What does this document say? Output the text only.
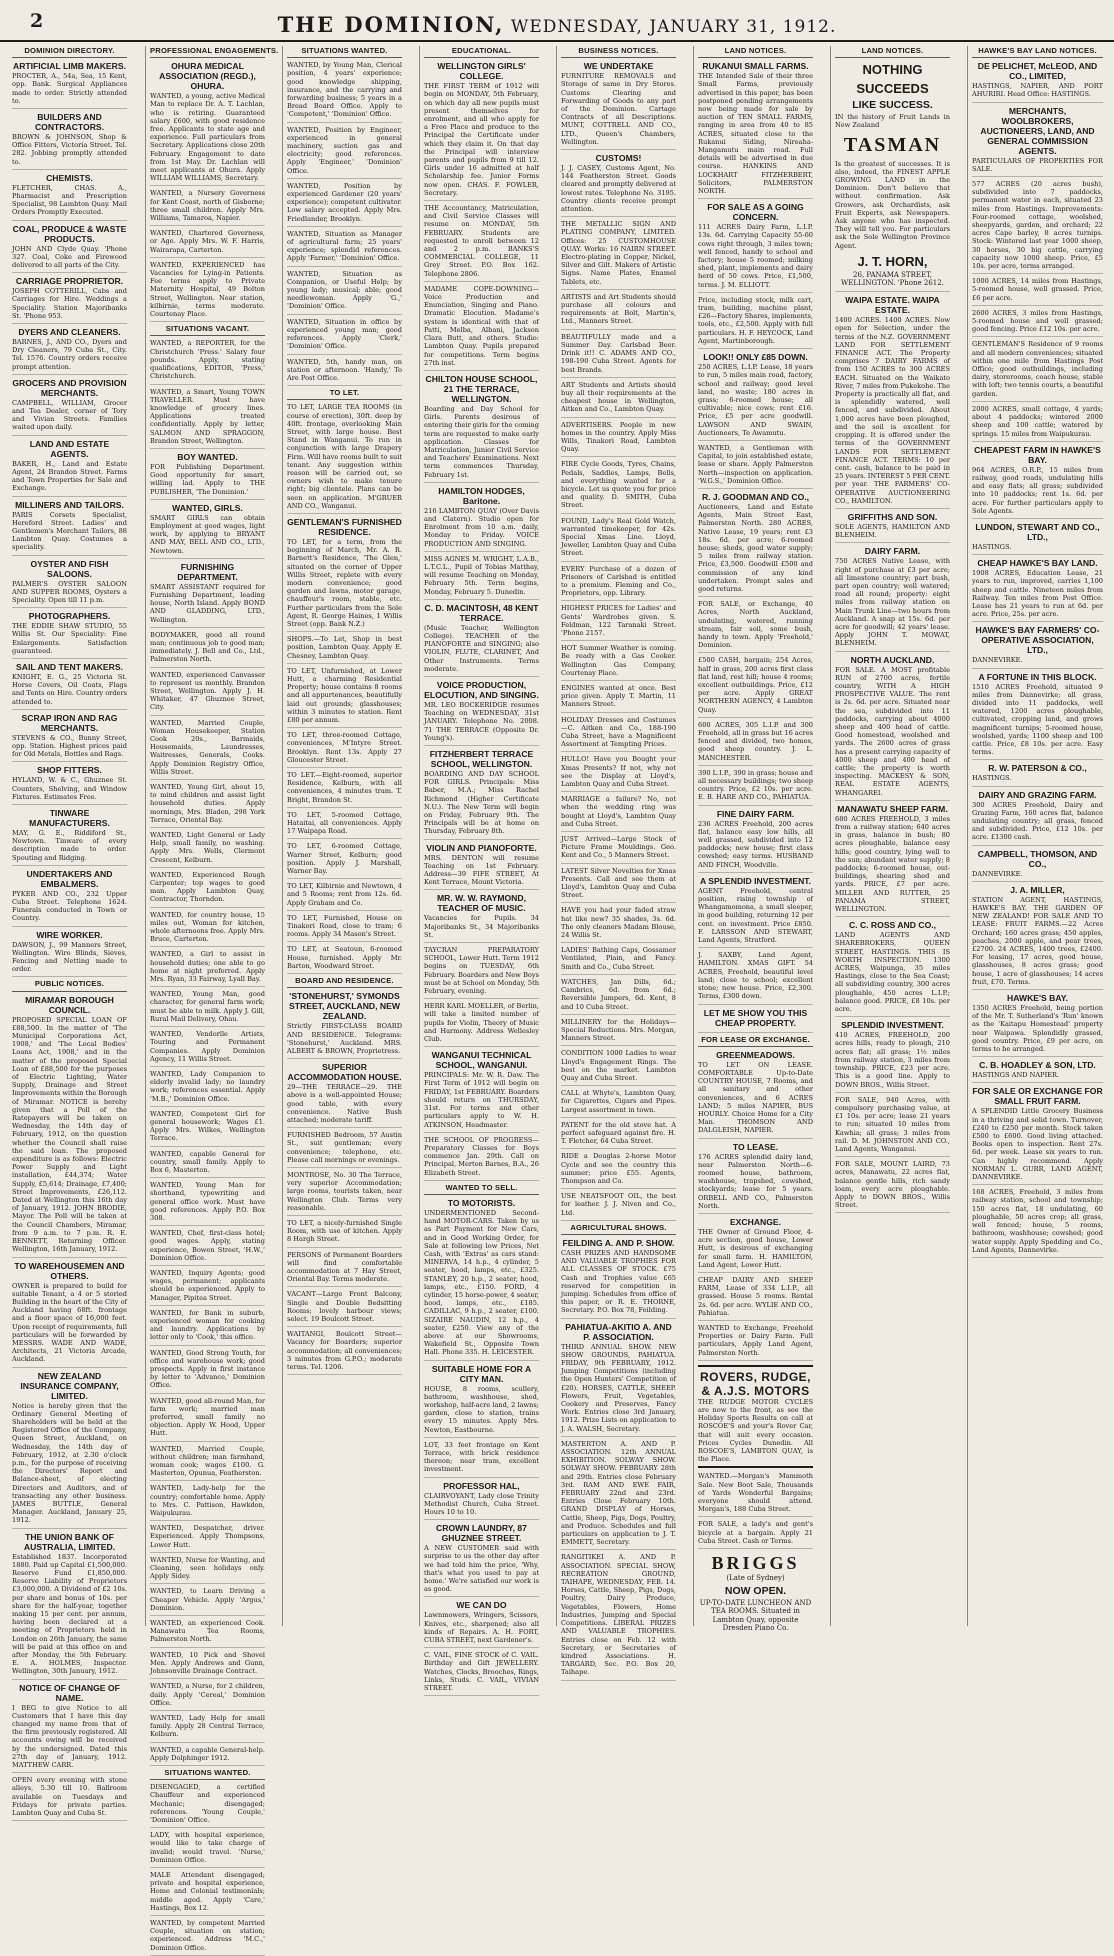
2	THE DOMINION, WEDNESDAY, JANUARY 31, 1912.
DOMINION DIRECTORY.
ARTIFICIAL LIMB MAKERS.
PROCTER, A., 54a, Sea, 15 Kent, opp. Bank. Surgical Appliances made to order. Strictly attended to.
BUILDERS AND CONTRACTORS.
BROWN & JOHNSON, Shop & Office Fitters, Victoria Street. Tel. 282. Jobbing promptly attended to.
CHEMISTS.
FLETCHER, CHAS. A., Pharmacist and Prescription Specialist, 98 Lambton Quay. Mail Orders Promptly Executed.
COAL, PRODUCE & WASTE PRODUCTS.
JOHN AND Clyde Quay. 'Phone 327. Coal, Coke and Firewood delivered to all parts of the City.
CARRIAGE PROPRIETOR.
JOSEPH COTTERILL, Cabs and Carriages for Hire. Weddings a Speciality. Station Majoribanks St. 'Phone 953.
DYERS AND CLEANERS.
BARNES, J., AND CO., Dyers and Dry Cleaners, 79 Cuba St., City. Tel. 1576. Country orders receive prompt attention.
GROCERS AND PROVISION MERCHANTS.
CAMPBELL, WILLIAM, Grocer and Tea Dealer, corner of Tory and Vivian Streets. Families waited upon daily.
LAND AND ESTATE AGENTS.
BAKER, H., Land and Estate Agent, 24 Brandon Street. Farms and Town Properties for Sale and Exchange.
MILLINERS AND TAILORS.
PARIS Corsets Specialist, Hereford Street. Ladies' and Gentlemen's Merchant Tailors, 88 Lambton Quay. Costumes a speciality.
OYSTER AND FISH SALOONS.
PALMER'S OYSTER SALOON AND SUPPER ROOMS, Oysters a Speciality. Open till 11 p.m.
PHOTOGRAPHERS.
THE EDDIE SHAW STUDIO, 55 Willis St. Our Speciality: Fine Enlargements. Satisfaction guaranteed.
SAIL AND TENT MAKERS.
KNIGHT, E. G., 25 Victoria St. Horse Covers, Oil Coats, Flags and Tents on Hire. Country orders attended to.
SCRAP IRON AND RAG MERCHANTS.
STEVENS & CO., Bunny Street, opp. Station. Highest prices paid for Old Metals, Bottles and Rags.
SHOP FITTERS.
HYLAND, W. & C., Ghuznee St. Counters, Shelving, and Window Fixtures. Estimates Free.
TINWARE MANUFACTURERS.
MAY, G. E., Riddiford St., Newtown. Tinware of every description made to order. Spouting and Ridging.
UNDERTAKERS AND EMBALMERS.
PYKER AND CO., 232 Upper Cuba Street. Telephone 1624. Funerals conducted in Town or Country.
WIRE WORKER.
DAWSON, J., 99 Manners Street, Wellington. Wire Blinds, Sieves, Fencing and Netting made to order.
PUBLIC NOTICES.
MIRAMAR BOROUGH COUNCIL.
PROPOSED SPECIAL LOAN OF £88,500. In the matter of 'The Municipal Corporations Act, 1908,' and 'The Local Bodies' Loans Act, 1908,' and in the matter of the proposed Special Loan of £88,500 for the purposes of Electric Lighting, Water Supply, Drainage and Street Improvements within the Borough of Miramar. NOTICE is hereby given that a Poll of the Ratepayers will be taken on Wednesday, the 14th day of February, 1912, on the question whether the Council shall raise the said loan. The proposed expenditure is as follows: Electric Power Supply and Light installation, £44,374; Water Supply, £5,614; Drainage, £7,400; Street Improvements, £26,112. Dated at Wellington this 16th day of January, 1912. JOHN BRODIE, Mayor. The Poll will be taken at the Council Chambers, Miramar, from 9 a.m. to 7 p.m. R. E. BENNETT, Returning Officer. Wellington, 16th January, 1912.
TO WAREHOUSEMEN AND OTHERS.
OWNER is prepared to build for suitable Tenant, a 4 or 5 storied Building in the heart of the City of Auckland having 68ft. frontage and a floor space of 16,000 feet. Upon receipt of requirements, full particulars will be forwarded by MESSRS. WADE AND WADE, Architects, 21 Victoria Arcade, Auckland.
NEW ZEALAND INSURANCE COMPANY, LIMITED.
Notice is hereby given that the Ordinary General Meeting of Shareholders will be held at the Registered Office of the Company, Queen Street, Auckland, on Wednesday, the 14th day of February, 1912, at 2.30 o'clock p.m., for the purpose of receiving the Directors' Report and Balance-sheet, of electing Directors and Auditors, and of transacting any other business. JAMES BUTTLE, General Manager. Auckland, January 25, 1912.
THE UNION BANK OF AUSTRALIA, LIMITED.
Established 1837. Incorporated 1880. Paid up Capital £1,500,000. Reserve Fund £1,850,000. Reserve Liability of Proprietors £3,000,000. A Dividend of £2 10s. per share and bonus of 10s. per share for the half-year, together making 15 per cent. per annum, having been declared at a meeting of Proprietors held in London on 26th January, the same will be paid at this office on and after Monday, the 5th February. E. A. HOLMES, Inspector. Wellington, 30th January, 1912.
NOTICE OF CHANGE OF NAME.
I BEG to give Notice to all Customers that I have this day changed my name from that of the firm previously registered. All accounts owing will be received by the undersigned. Dated this 27th day of January, 1912. MATTHEW CARR.
OPEN every evening with stone alleys, 5.30 till 10. Ballroom available on Tuesdays and Fridays for private parties. Lambton Quay and Cuba St.
PROFESSIONAL ENGAGEMENTS.
OHURA MEDICAL ASSOCIATION (REGD.), OHURA.
WANTED, a young, active Medical Man to replace Dr. A. T. Lachlan, who is retiring. Guaranteed salary £600, with good residence free. Applicants to state age and experience. Full particulars from Secretary. Applications close 20th February. Engagement to date from 1st May. Dr. Lachlan will meet applicants at Ohura. Apply WILLIAM WILLIAMS, Secretary.
WANTED, a Nursery Governess for Kent Coast, north of Gisborne; three small children. Apply Mrs. Williams, Tamaroa, Napier.
WANTED, Chartered Governess, or Age. Apply Mrs. W. F. Harris, Wairarapa, Carterton.
WANTED, EXPERIENCED has Vacancies for Lying-in Patients. Fee terms apply to Private Maternity Hospital, 49 Bolton Street, Wellington. Near station, kilbirnie, terms moderate. Courtenay Place.
SITUATIONS VACANT.
WANTED, a REPORTER, for the Christchurch 'Press.' Salary four pounds. Apply, stating qualifications, EDITOR, 'Press,' Christchurch.
WANTED, a Smart, Young TOWN TRAVELLER. Must have knowledge of grocery lines. Applications treated confidentially. Apply by letter, SALMON AND SPRAGGON, Brandon Street, Wellington.
BOY WANTED.
FOR Publishing Department. Good opportunity for smart, willing lad. Apply to THE PUBLISHER, 'The Dominion.'
WANTED, GIRLS.
SMART GIRLS can obtain Employment at good wages, light work, by applying to BRYANT AND MAY, BELL AND CO., LTD., Newtown.
FURNISHING DEPARTMENT.
SMART ASSISTANT required for Furnishing Department, leading house, North Island. Apply BOND AND GLADDING, LTD., Wellington.
BODYMAKER, good all round man; continuous job to good man; immediately. J. Bell and Co., Ltd., Palmerston North.
WANTED, experienced Canvasser to represent us monthly. Brandon Street, Wellington. Apply J. H. Whitaker, 47 Ghuznee Street, City.
WANTED, Married Couple, Woman Housekeeper, Station Cook 20s., Barmaids, Housemaids, Laundresses, Waitresses, Generals, Cooks. Apply Dominion Registry Office, Willis Street.
WANTED, Young Girl, about 15, to mind children and assist light household duties. Apply mornings, Mrs. Bladen, 298 York Terrace, Oriental Bay.
WANTED, Light General or Lady Help, small family, no washing. Apply Mrs. Wells, Clermont Crescent, Kelburn.
WANTED, Experienced Rough Carpenter; top wages to good man. Apply Lambton Quay, Contractor, Thorndon.
WANTED, for country house, 15 miles out, Woman for kitchen, whole afternoons free. Apply Mrs. Bruce, Carterton.
WANTED, a Girl to assist in household duties; one able to go home at night preferred. Apply Mrs. Ryan, 33 Fairway, Lyall Bay.
WANTED, Young Man, good character, for general farm work; must be able to milk. Apply J. Gill, Rural Mail Delivery, Ohau.
WANTED, Vendorlle Artists, Touring and Permanent Companies. Apply Dominion Agency, 11 Willis Street.
WANTED, Lady Companion to elderly invalid lady; no laundry work; references essential. Apply 'M.B.,' Dominion Office.
WANTED, Competent Girl for general housework; Wages £1. Apply Mrs. Wilkes, Wellington Terrace.
WANTED, capable General for country, small family. Apply to Box 6, Masterton.
WANTED, Young Man for shorthand, typewriting and general office work. Must have good references. Apply P.O. Box 308.
WANTED, Chef, first-class hotel; good wages. Apply, stating experience, Bowen Street, 'H.W.,' Dominion Office.
WANTED, Inquiry Agents; good wages, permanent; applicants should be experienced. Apply to Manager, Pipitea Street.
WANTED, for Bank in suburb, experienced woman for cooking and laundry. Applications by letter only to 'Cook,' this office.
WANTED, Good Strong Youth, for office and warehouse work; good prospects. Apply in first instance by letter to 'Advance,' Dominion Office.
WANTED, good all-round Man, for farm work; married man preferred, small family no objection. Apply W. Hood, Upper Hutt.
WANTED, Married Couple, without children; man farmhand, woman cook; wages £100. G. Masterton, Opunua, Featherston.
WANTED, Lady-help for the country; comfortable home. Apply to Mrs. C. Pattison, Hawkdon, Waipukurau.
WANTED, Despatcher, driver. Experienced. Apply Thompsons, Lower Hutt.
WANTED, Nurse for Wanting, and Cleaning, seen holidays only. Apply Sidey.
WANTED, to Learn Driving a Cheaper Vehicle. Apply 'Argus,' Dominion.
WANTED, an experienced Cook. Manawatu Tea Rooms, Palmerston North.
WANTED, 10 Pick and Shovel Men. Apply Andrews and Gunn, Johnsonville Drainage Contract.
WANTED, a Nurse, for 2 children, daily. Apply 'Cereal,' Dominion Office.
WANTED, Lady Help for small family. Apply 28 Central Terrace, Kelburn.
WANTED, a capable General-help. Apply Dolphinger 1912.
SITUATIONS WANTED.
DISENGAGED, a certified Chauffeur and experienced Mechanic; disengaged; references. 'Young Couple,' 'Dominion' Office.
LADY, with hospital experience, would like to take charge of invalid; would travel. 'Nurse,' Dominion Office.
MALE Attendant disengaged; private and hospital experience, Home and Colonial testimonials; middle aged. Apply 'Care,' Hastings, Box 12.
WANTED, by competent Married Couple, situation on station; experienced. Address 'M.C.,' Dominion Office.
SITUATIONS WANTED.
WANTED, by Young Man, Clerical position, 4 years' experience; good knowledge shipping, insurance, and the carrying and forwarding business; 5 years in a Bread Board Office. Apply to 'Competent,' 'Dominion' Office.
WANTED, Position by Engineer, experienced in general machinery, suction gas and electricity; good references. Apply 'Engineer,' 'Dominion' Office.
WANTED, Position by experienced Gardener (20 years' experience); competent cultivator. Low salary accepted. Apply Mrs. Friedlander, Brooklyn.
WANTED, Situation as Manager of agricultural farm; 25 years' experience; splendid references. Apply 'Farmer,' 'Dominion' Office.
WANTED, Situation as Companion, or Useful Help; by young lady; musical; able; good needlewoman. Apply 'G.,' 'Dominion' Office.
WANTED, Situation in office by experienced young man; good references. Apply 'Clerk,' 'Dominion' Office.
WANTED, 5th, handy man, on station or afternoon. 'Handy,' To Are Post Office.
TO LET.
TO LET, LARGE TEA ROOMS (in course of erection), 30ft. deep by 40ft. frontage, overlooking Main Street, with large house. Best Stand in Wanganui. To run in conjunction with large Drapery Firm. Will have rooms built to suit tenant. Any suggestion within reason will be carried out, so owners wish to make tenure right; big clientele. Plans can be seen on application. M'GRUER AND CO., Wanganui.
GENTLEMAN'S FURNISHED RESIDENCE.
TO LET, for a term, from the beginning of March, Mr. A. R. Barnett's Residence, 'The Glen,' situated on the corner of Upper Willis Street, replete with every modern convenience; good garden and lawns, motor garage, chauffeur's room, stable, etc. Further particulars from the Sole Agent, R. George Haines, 1 Willis Street (opp. Bank N.Z.)
SHOPS.—To Let, Shop in best position, Lambton Quay. Apply E. Chesney, Lambton Quay.
TO LET, Unfurnished, at Lower Hutt, a charming Residential Property; house contains 8 rooms and all appurtenances, beautifully laid out grounds; glasshouses; within 3 minutes to station. Rent £80 per annum.
TO LET, three-roomed Cottage, conveniences, M'Intyre Street. Brooklyn. Rent 13s. Apply 27 Gloucester Street.
TO LET.—Eight-roomed, superior Residence, Kelburn, with all conveniences, 4 minutes tram. T. Bright, Brandon St.
TO LET, 5-roomed Cottage, Hataitai, all conveniences. Apply 17 Waipapa Road.
TO LET, 6-roomed Cottage, Warner Street, Kelburn; good position. Apply J. Marshall, Warner Bay.
TO LET, Kilbirnie and Newtown, 4 and 5 Rooms; rent from 12s. 6d. Apply Graham and Co.
TO LET, Furnished, House on Tinakori Road, close to tram; 6 rooms. Apply 34 Mason's Street.
TO LET, at Seatoun, 6-roomed House, furnished. Apply Mr. Barton, Woodward Street.
BOARD AND RESIDENCE.
'STONEHURST,' SYMONDS STREET, AUCKLAND, NEW ZEALAND.
Strictly FIRST-CLASS BOARD AND RESIDENCE. Telegrams: 'Stonehurst,' Auckland. MRS. ALBERT & BROWN, Proprietress.
SUPERIOR ACCOMMODATION HOUSE.
29—THE TERRACE—29. THE above is a well-appointed House; good table, with every convenience. Native Bush attached; moderate tariff.
FURNISHED Bedroom, 57 Austin St., suit gentleman; every convenience; telephone, etc. Please call mornings or evenings.
MONTROSE, No. 30 The Terrace, very superior Accommodation; large rooms, tourists taken, near Wellington Club. Terms very reasonable.
TO LET, a nicely-furnished Single Room, with use of kitchen. Apply 8 Hargh Street.
PERSONS of Permanent Boarders will find comfortable accommodation at 7 Hay Street, Oriental Bay. Terms moderate.
VACANT—Large Front Balcony, Single and Double Bedsitting Rooms; lovely harbour views; select. 19 Boulcott Street.
WAITANGI, Boulcott Street—Vacancy for Boarders; superior accommodation; all conveniences; 3 minutes from G.P.O.; moderate terms. Tel. 1206.
EDUCATIONAL.
WELLINGTON GIRLS' COLLEGE.
THE FIRST TERM of 1912 will begin on MONDAY, 5th February, on which day all new pupils must present themselves for enrolment, and all who apply for a Free Place and produce to the Principal the Certificate under which they claim it. On that day the Principal will interview parents and pupils from 9 till 12. Girls under 16 admitted at half Scholarship fee. Junior Forms now open. CHAS. F. FOWLER, Secretary.
THE Accountancy, Matriculation, and Civil Service Classes will resume on MONDAY, 5th FEBRUARY. Students are requested to enroll between 12 and 2 p.m. BANKS'S COMMERCIAL COLLEGE, 11 Grey Street. P.O. Box 162. Telephone 2806.
MADAME COPE-DOWNING—Voice Production and Enunciation, Singing and Piano. Dramatic Elocution. Madame's system is identical with that of Patti, Melba, Albani, Jackson Clara Butt, and others. Studio: Lambton Quay. Pupils prepared for competitions. Term begins 27th inst.
CHILTON HOUSE SCHOOL, 21 THE TERRACE, WELLINGTON.
Boarding and Day School for Girls. Parents desirous of entering their girls for the coming term are requested to make early application. Classes for Matriculation, Junior Civil Service and Teachers' Examinations. Next term commences Thursday, February 1st.
HAMILTON HODGES, Baritone.
216 LAMBTON QUAY (Over Davis and Clatern). Studio open for Enrolment from 10 a.m. daily, Monday to Friday. VOICE PRODUCTION AND SINGING.
MISS AGNES M. WRIGHT, L.A.B., L.T.C.L., Pupil of Tobias Matthay, will resume Teaching on Monday, February 5th. Term begins, Monday, February 5. Dunedin.
C. D. MACINTOSH, 48 KENT TERRACE.
(Music Teacher, Wellington College). TEACHER of the PIANOFORTE and SINGING; also VIOLIN, FLUTE, CLARINET, And Other Instruments. Terms moderate.
VOICE PRODUCTION, ELOCUTION, AND SINGING.
MR. LEO BOCKERIDGE resumes Teaching on WEDNESDAY, 31st JANUARY. Telephone No. 2008. 71 THE TERRACE (Opposite Dr. Young's).
FITZHERBERT TERRACE SCHOOL, WELLINGTON.
BOARDING AND DAY SCHOOL FOR GIRLS. Principals: Miss Baber, M.A.; Miss Rachel Richmond (Higher Certificate N.U.). The New Term will begin on Friday, February 9th. The Principals will be at home on Thursday, February 8th.
VIOLIN AND PIANOFORTE.
MRS. DENTON will resume Teaching on 1st February. Address—39 FIFE STREET, At Kent Terrace, Mount Victoria.
MR. W. W. RAYMOND, TEACHER OF MUSIC.
Vacancies for Pupils. 34 Majoribanks St., 34 Majoribanks St.
TAYCRAN PREPARATORY SCHOOL, Lower Hutt. Term 1912 begins on TUESDAY, 6th February. Boarders and New Boys must be at School on Monday, 5th February, evening.
HERR KARL MOELLER, of Berlin, will take a limited number of pupils for Violin, Theory of Music and Harmony. Address Wellesley Club.
WANGANUI TECHNICAL SCHOOL, WANGANUI.
PRINCIPALS: Mr. W. R. Daw. The First Term of 1912 will begin on FRIDAY, 1st FEBRUARY. Boarders should return on THURSDAY, 31st. For terms and other particulars apply to W. H. ATKINSON, Headmaster.
THE SCHOOL OF PROGRESS—Preparatory Classes for Boys commence Jan. 29th. Call on Principal, Merton Barnes, B.A., 26 Elizabeth Street.
WANTED TO SELL.
TO MOTORISTS.
UNDERMENTIONED Second-hand MOTOR-CARS. Taken by us as Part Payment for New Cars, and in Good Working Order, for Sale at following low Prices, Net Cash, with 'Extras' as cars stand: MINERVA, 14 h.p., 4 cylinder, 5 seater, hood, lamps, etc., £325. STANLEY, 20 h.p., 2 seater, hood, lamps, etc., £150. FORD, 4 cylinder, 15 horse-power, 4 seater, hood, lamps, etc., £185. CADILLAC, 9 h.p., 2 seater, £100. SIZAIRE NAUDIN, 12 h.p., 4 seater, £250. View any of the above at our Showrooms, Wakefield St., Opposite Town Hall. Phone 335. H. LEICESTER.
SUITABLE HOME FOR A CITY MAN.
HOUSE, 8 rooms, scullery, bathroom, washhouse, shed, workshop, half-acre land, 2 lawns; garden, close to station, trains every 15 minutes. Apply Mrs. Newton, Eastbourne.
LOT, 33 feet frontage on Kent Terrace, with brick residence thereon; near tram, excellent investment.
PROFESSOR HAL,
CLAIRVOYANT, Lady close Trinity Methodist Church, Cuba Street. Hours 10 to 10.
CROWN LAUNDRY, 87 GHUZNEE STREET.
A NEW CUSTOMER said with surprise to us the other day after we had told him the price, 'Why, that's what you used to pay at home.' We're satisfied our work is as good.
WE CAN DO
Lawnmowers, Wringers, Scissors, Knives, etc., sharpened; also all kinds of Repairs. A. H. FORT, CUBA STREET, next Gardener's.
C. VAIL, FINE STOCK of C. VAIL. Birthday and Gift JEWELLERY. Watches, Clocks, Brooches, Rings, Links, Studs. C. VAIL, VIVIAN STREET.
BUSINESS NOTICES.
WE UNDERTAKE
FURNITURE REMOVALS and Storage of same in Dry Stores. Customs Clearing and Forwarding of Goods to any part of the Dominion. Cartage Contracts of all Descriptions. MUNT, COTTRELL AND CO., LTD., Queen's Chambers, Wellington.
CUSTOMS!
J. J. CASEY, Customs Agent, No. 144 Featherston Street. Goods cleared and promptly delivered at lowest rates. Telephone No. 3195. Country clients receive prompt attention.
THE METALLIC SIGN AND PLATING COMPANY, LIMITED. Offices: 25 CUSTOMHOUSE QUAY. Works: 16 NAIRN STREET. Electro-plating in Copper, Nickel, Silver and Gilt. Makers of Artistic Signs. Name Plates, Enamel Tablets, etc.
ARTISTS and Art Students should purchase all colours and requirements at Bolt, Martin's, Ltd., Manners Street.
BEAUTIFULLY made and a Summer Day. Carlsbad Beer. Drink it!! C. ADAMS AND CO., 198-190 Cuba Street. Agents for best Brands.
ART Students and Artists should buy all their requirements at the cheapest house in Wellington, Aitken and Co., Lambton Quay.
ADVERTISERS. People in new homes in the country. Apply Miss Wills, Tinakori Road, Lambton Quay.
FIRE Cycle Goods, Tyres, Chains, Pedals, Saddles, Lamps, Bells, and everything wanted for a bicycle. Let us quote you for price and quality. D. SMITH, Cuba Street.
FOUND, Lady's Real Gold Watch, warranted timekeeper, for 42s. Special Xmas Line. Lloyd, Jeweller, Lambton Quay and Cuba Street.
EVERY Purchase of a dozen of Prisoners of Carlsbad is entitled to a premium. Fleming and Co., Proprietors, opp. Library.
HIGHEST PRICES for Ladies' and Gents' Wardrobes given. S. Feldman, 122 Taranaki Street. 'Phone 2157.
HOT Summer Weather is coming. Be ready with a Gas Cooker. Wellington Gas Company, Courtenay Place.
ENGINES wanted at once. Best price given. Apply T. Martin, 11 Manners Street.
HOLIDAY Dresses and Costumes—C. Aitken and Co., 188-190 Cuba Street, have a Magnificent Assortment at Tempting Prices.
HULLO! Have you Bought your Xmas Presents? If not, why not see the Display at Lloyd's, Lambton Quay and Cuba Street.
MARRIAGE a failure? No, not when the wedding ring was bought at Lloyd's, Lambton Quay and Cuba Street.
JUST Arrived—Large Stock of Picture Frame Mouldings. Geo. Kent and Co., 5 Manners Street.
LATEST Silver Novelties for Xmas Presents. Call and see them at Lloyd's, Lambton Quay and Cuba Street.
HAVE you had your faded straw hat like new? 35 shades, 3s. 6d. The only cleaners Madam Blouse, 24 Willis St.
LADIES' Bathing Caps, Gossamer Ventilated, Plain, and Fancy. Smith and Co., Cuba Street.
WATCHES, Jan Dills, 6d.; Cambrics, 6d. from 6d.; Reversible Jumpers, 6d. Kent, 8 and 10 Cuba Street.
MILLINERY for the Holidays—Special Reductions. Mrs. Morgan, Manners Street.
CONDITION 1000 Ladies to wear Lloyd's Engagement Rings. The best on the market. Lambton Quay and Cuba Street.
CALL at Whyte's, Lambton Quay, for Cigarettes, Cigars and Pipes. Largest assortment in town.
PATENT for the old stove hat. A perfect safeguard against fire. H. T. Fletcher, 64 Cuba Street.
RIDE a Douglas 2-horse Motor Cycle and see the country this summer; price £55. Agents, Thompson and Co.
USE NEATSFOOT OIL, the best for leather. J. J. Niven and Co., Ltd.
AGRICULTURAL SHOWS.
FEILDING A. AND P. SHOW.
CASH PRIZES AND HANDSOME AND VALUABLE TROPHIES FOR ALL CLASSES OF STOCK. £75 Cash and Trophies value £65 reserved for competition in jumping. Schedules from office of this paper, or R. E. THORNE, Secretary. P.O. Box 78, Feilding.
PAHIATUA-AKITIO A. AND P. ASSOCIATION.
THIRD ANNUAL SHOW. NEW SHOW GROUNDS, PAHIATUA. FRIDAY, 9th FEBRUARY, 1912. Jumping Competitions (including the Open Hunters' Competition of £20). HORSES, CATTLE, SHEEP. Flowers, Fruit, Vegetables, Cookery and Preserves, Fancy Work. Entries close 3rd January, 1912. Prize Lists on application to J. A. WALSH, Secretary.
MASTERTON A. AND P. ASSOCIATION. 12th ANNUAL EXHIBITION. SOLWAY SHOW. SOLWAY SHOW. FEBRUARY 28th and 29th. Entries close February 3rd. RAM AND EWE FAIR, FEBRUARY 22nd and 23rd. Entries Close February 10th. GRAND DISPLAY of Horses, Cattle, Sheep, Pigs, Dogs, Poultry, and Produce. Schedules and full particulars on application to J. T. EMMETT, Secretary.
RANGITIKEI A. AND P. ASSOCIATION. SPECIAL SHOW, RECREATION GROUND, TAIHAPE, WEDNESDAY, FEB. 14. Horses, Cattle, Sheep, Pigs, Dogs, Poultry, Dairy Produce, Vegetables, Flowers, Home Industries, Jumping and Special Competitions. LIBERAL PRIZES AND VALUABLE TROPHIES. Entries close on Feb. 12 with Secretary, or Secretaries of kindred Associations. H. TARGARD, Sec. P.O. Box 20, Taihape.
LAND NOTICES.
RUKANUI SMALL FARMS.
THE Intended Sale of their three Small Farms, previously advertised in this paper, has been postponed pending arrangements now being made for sale by auction of TEN SMALL FARMS, ranging in area from 40 to 85 ACRES, situated close to the Rukanui Siding, Nireaha-Mangamutu main road. Full details will be advertised in due course. HANKINS AND LOCKHART FITZHERBERT, Solicitors, PALMERSTON NORTH.
FOR SALE AS A GOING CONCERN.
111 ACRES Dairy Farm, L.I.P. 13s. 6d. Carrying Capacity 55-60 cows right through, 3 miles town; well fenced, handy to school and factory; house 5 roomed; milking shed, plant, implements and dairy herd of 50 cows. Price, £1,500, terms. J. M. ELLIOTT.
Price, including stock, milk cart, tram, building, machine plant, £26—Factory Shares, implements, tools, etc., £2,500. Apply with full particulars. H. F. HEYCOCK, Land Agent, Martinborough.
LOOK!! ONLY £85 DOWN.
250 ACRES, L.I.P. Lease, 18 years to run, 5 miles main road, factory, school and railway; good level land, no waste; 180 acres in grass; 6-roomed house; all cultivable; nice cows; rent £16. Price, £5 per acre goodwill. LAWSON AND SWAIN, Auctioneers, Te Awamutu.
WANTED, a Gentleman with Capital, to join established estate, lease or share. Apply Palmerston North—inspection on application. 'W.G.S.,' Dominion Office.
R. J. GOODMAN AND CO.,
Auctioneers, Land and Estate Agents, Main Street East, Palmerston North. 280 ACRES, Native Lease, 19 years; rent £3 18s. 6d. per acre; 6-roomed house; sheds, good water supply; 5 miles from railway station. Price, £3,500. Goodwill £500 and commission of any kind undertaken. Prompt sales and good returns.
FOR SALE, or Exchange, 40 Acres, North Auckland, undulating, watered, running stream, fair soil, some bush, handy to town. Apply 'Freehold,' Dominion.
£500 CASH, bargain; 254 Acres, half in grass, 200 acres first class flat land, rest hill; house 4 rooms; excellent outbuildings. Price, £12 per acre. Apply GREAT NORTHERN AGENCY, 4 Lambton Quay.
600 ACRES, 305 L.I.P. and 300 Freehold, all in grass but 16 acres fenced and divided, two homes, good sheep country. J. L. MANCHESTER.
390 L.I.P., 390 in grass; house and all necessary buildings; two sheep country. Price, £2 10s. per acre. E. B. HARE AND CO., PAHIATUA.
FINE DAIRY FARM.
236 ACRES Freehold, 200 acres flat, balance easy low hills, all well grassed, subdivided into 12 paddocks; new house; first class cowshed; easy terms. HUSBAND AND FINCH, Woodville.
A SPLENDID INVESTMENT.
AGENT Freehold, central position, rising township of Whangamomona, a small sleeper, in good building, returning 12 per cent. on investment. Price £850. F. LARSSON AND STEWART, Land Agents, Stratford.
J. SAXBY, Land Agent, HAMILTON. XMAS GIFT. 54 ACRES, Freehold, beautiful level land; close to school; excellent stone; new house. Price, £2,300. Terms, £300 down.
LET ME SHOW YOU THIS CHEAP PROPERTY.
FOR LEASE OR EXCHANGE.
GREENMEADOWS.
TO LET ON LEASE. COMFORTABLE Up-to-Date COUNTRY HOUSE, 7 Rooms, and all sanitary and other conveniences, and 6 ACRES LAND; 5 miles NAPIER, BUS HOURLY. Choice Home for a City Man. THOMSON AND DALGLEISH, NAPIER.
TO LEASE.
176 ACRES splendid dairy land, near Palmerston North—6-roomed house, bathroom, washhouse, trapshed, cowshed, stockyards; lease for 5 years. ORBELL AND CO., Palmerston North.
EXCHANGE.
THE Owner of Ground Floor, 4-acre section, good house, Lower Hutt, is desirous of exchanging for small farm. H. HAMILTON, Land Agent, Lower Hutt.
CHEAP DAIRY AND SHEEP FARM, Lease of 334 L.I.P., all grassed. House 5 rooms. Rental 2s. 6d. per acre. WYLIE AND CO., Pahiatua.
WANTED to Exchange, Freehold Properties or Dairy Farm. Full particulars, Apply Land Agent, Palmerston North.
ROVERS, RUDGE, & A.J.S. MOTORS
THE RUDGE MOTOR CYCLES are now to the front, as see the Holiday Sports Results on call at ROSCOE'S and your's Rover Car, that will suit every occasion. Prices Cycles Dunedin. All ROSCOE'S, LAMBTON QUAY, is the Place.
WANTED.—Morgan's Mammoth Sale. New Boot Sale, Thousands of Yards Wonderful Bargains; everyone should attend. Morgan's, 188 Cuba Street.
FOR SALE, a lady's and gent's bicycle at a bargain. Apply 21 Cuba Street. Cash or Terms.
BRIGGS
(Late of Sydney)
NOW OPEN.
UP-TO-DATE LUNCHEON AND TEA ROOMS. Situated in Lambton Quay, opposite Dresden Piano Co.
LAND NOTICES.
NOTHING
SUCCEEDS
LIKE SUCCESS.
IN the history of Fruit Lands in New Zealand
TASMAN
Is the greatest of successes. It is also, indeed, the FINEST APPLE GROWING LAND in the Dominion. Don't believe that without confirmation. Ask Growers, ask Orchardists, ask Fruit Experts, ask Newspapers. Ask anyone who has inspected. They will tell you. For particulars ask the Sole Wellington Province Agent.
J. T. HORN,
26, PANAMA STREET, WELLINGTON. 'Phone 2612.
WAIPA ESTATE. WAIPA ESTATE.
1400 ACRES. 1400 ACRES. Now open for Selection, under the terms of the N.Z. GOVERNMENT LAND FOR SETTLEMENT FINANCE ACT. The Property comprises 7 DAIRY FARMS of from 150 ACRES to 300 ACRES EACH. Situated on the Waikato River, 7 miles from Pukekohe. The Property is practically all flat, and is splendidly watered, well fenced, and subdivided. About 1,000 acres have been ploughed, and the soil is excellent for cropping. It is offered under the terms of the GOVERNMENT LANDS FOR SETTLEMENT FINANCE ACT. TERMS: 10 per cent. cash, balance to be paid in 25 years. INTEREST 5 PER CENT. per year. THE FARMERS' CO-OPERATIVE AUCTIONEERING CO., HAMILTON.
GRIFFITHS AND SON.
SOLE AGENTS, HAMILTON AND BLENHEIM.
DAIRY FARM.
750 ACRES Native Lease, with right of purchase at £3 per acre; all limestone country; part bush, part open country; well watered; road all round; property: eight miles from railway station on Main Trunk Line—two hours from Auckland. A snap at 15s. 6d. per acre for goodwill; 42 years' lease. Apply JOHN T. MOWAT, BLENHEIM.
NORTH AUCKLAND.
FOR SALE. A MOST profitable RUN of 2700 acres, fertile country, WITH A HIGH PROSPECTIVE VALUE. The rent is 2s. 6d. per acre. Situated near the sea, subdivided into 11 paddocks, carrying about 4000 sheep and 400 head of cattle. Good homestead, woolshed and yards. The 2600 acres of grass has a present carrying capacity of 4000 sheep and 400 head of cattle; the property is worth inspecting. MACKESY & SON, REAL ESTATE AGENTS, WHANGAREI.
MANAWATU SHEEP FARM.
680 ACRES FREEHOLD, 3 miles from a railway station; 640 acres in grass, balance in bush; 80 acres ploughable, balance easy hills; good country, lying well to the sun; abundant water supply; 8 paddocks; 6-roomed house, out-buildings, shearing shed and yards. PRICE, £7 per acre. MILLER AND RUTTER, 25 PANAMA STREET, WELLINGTON.
C. C. ROSS AND CO.,
LAND AGENTS AND SHAREBROKERS, QUEEN STREET, HASTINGS. THIS IS WORTH INSPECTION. 1300 ACRES, Waipunga, 35 miles Hastings, close to the Sea Coast; all subdividing country, 300 acres ploughable, 450 acres L.I.P.; balance good. PRICE, £8 10s. per acre.
SPLENDID INVESTMENT.
410 ACRES, FREEHOLD, 200 acres hills, ready to plough, 210 acres flat; all grass; 1½ miles from railway station, 3 miles from township. PRICE, £23 per acre. This is a good line. Apply to DOWN BROS., Willis Street.
FOR SALE, 940 Acres, with compulsory purchasing value, at £1 10s. per acre; lease 21 years to run; situated 10 miles from Kawhia; all grass; 3 miles from rail. D. M. JOHNSTON AND CO., Land Agents, Wanganui.
FOR SALE, MOUNT LAIRD, 73 acres, Manawatu, 22 acres flat, balance gentle hills, rich sandy loam, every acre ploughable. Apply to DOWN BROS., Willis Street.
HAWKE'S BAY LAND NOTICES.
DE PELICHET, McLEOD, AND CO., LIMITED,
HASTINGS, NAPIER, AND PORT AHURIRI. Head Office: HASTINGS.
MERCHANTS, WOOLBROKERS, AUCTIONEERS, LAND, AND GENERAL COMMISSION AGENTS.
PARTICULARS OF PROPERTIES FOR SALE.
577 ACRES (20 acres bush), subdivided into 7 paddocks, permanent water in each, situated 23 miles from Hastings. Improvements: Four-roomed cottage, woolshed, sheepyards, garden, and orchard; 22 acres Cape barley, 8 acres turnips. Stock: Wintered last year 1000 sheep, 30 horses, 30 big cattle, carrying capacity now 1000 sheep. Price, £5 10s. per acre, terms arranged.
1000 ACRES, 14 miles from Hastings, 5-roomed house, well grassed. Price, £6 per acre.
2600 ACRES, 3 miles from Hastings, 5-roomed house and well grassed; good fencing. Price £12 10s. per acre.
GENTLEMAN'S Residence of 9 rooms and all modern conveniences; situated within one mile from Hastings Post Office; good outbuildings, including dairy, storerooms, coach house, stable with loft; two tennis courts, a beautiful garden.
2000 ACRES, small cottage, 4 yards; about 4 paddocks; wintered 2000 sheep and 100 cattle; watered by springs. 15 miles from Waipukurau.
CHEAPEST FARM IN HAWKE'S BAY.
964 ACRES, O.R.P., 15 miles from railway, good roads, undulating hills and easy flats; all grass; subdivided into 10 paddocks; rent 1s. 6d. per acre. For further particulars apply to Sole Agents.
LUNDON, STEWART AND CO., LTD.,
HASTINGS.
CHEAP HAWKE'S BAY LAND.
1908 ACRES, Education Lease, 21 years to run, improved, carries 1,100 sheep and cattle. Nineteen miles from Railway. Ten miles from Post Office. Lease has 21 years to run at 6d. per acre. Price, 25s. per acre.
HAWKE'S BAY FARMERS' CO-OPERATIVE ASSOCIATION, LTD.,
DANNEVIRKE.
A FORTUNE IN THIS BLOCK.
1510 ACRES Freehold, situated 9 miles from Dannevirke; all grass, divided into 11 paddocks, well watered, 1200 acres ploughable, cultivated, cropping land, and grows magnificent turnips; 5-roomed house, woolshed, yards; 1100 sheep and 100 cattle. Price, £8 10s. per acre. Easy terms.
R. W. PATERSON & CO.,
HASTINGS.
DAIRY AND GRAZING FARM.
300 ACRES Freehold, Dairy and Grazing Farm, 160 acres flat, balance undulating country; all grass, fenced and subdivided. Price, £12 10s. per acre. £1300 cash.
CAMPBELL, THOMSON, AND CO.,
DANNEVIRKE.
J. A. MILLER,
STATION AGENT, HASTINGS, HAWKE'S BAY. THE GARDEN OF NEW ZEALAND! FOR SALE AND TO LEASE: FRUIT FARMS.—22 Acres Orchard; 160 acres grass; 450 apples, peaches, 2000 apple, and pear trees, £2700. 24 ACRES, 1400 trees, £2400. For leasing, 17 acres, good house, glasshouses, 8 acres grass; good house, 1 acre of glasshouses; 14 acres fruit, £70. Terms.
HAWKE'S BAY.
1350 ACRES Freehold, being portion of the Mr. T. Sutherland's 'Run' known as the 'Kaitapu Homestead' property near Waipawa. Splendidly grassed, good country. Price, £9 per acre, on terms to be arranged.
C. B. HOADLEY & SON, LTD.
HASTINGS AND NAPIER.
FOR SALE OR EXCHANGE FOR SMALL FRUIT FARM.
A SPLENDID Little Grocery Business in a thriving and solid town. Turnover, £240 to £250 per month. Stock taken £500 to £600. Good living attached. Books open to inspection. Rent 27s. 6d. per week. Lease six years to run. Can highly recommend. Apply NORMAN L. GURR, LAND AGENT, DANNEVIRKE.
168 ACRES, Freehold, 3 miles from railway station, school and township; 150 acres flat, 18 undulating, 60 ploughable, 50 acres crop; all grass, well fenced; house, 5 rooms, bathroom, washhouse; cowshed; good water supply. Apply Spedding and Co., Land Agents, Dannevirke.
